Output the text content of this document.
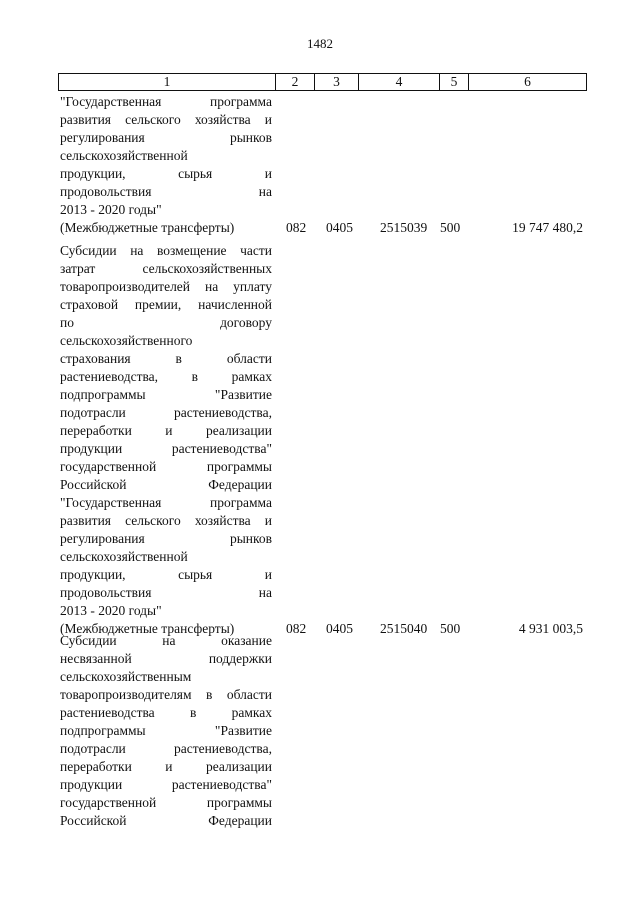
1482
1	2	3	4	5	6
"Государственная программа
развития сельского хозяйства и
регулирования рынков
сельскохозяйственной
продукции, сырья и
продовольствия на
2013 - 2020 годы"
(Межбюджетные трансферты)	082 0405 2515039 500	19 747 480,2
Субсидии на возмещение части
затрат сельскохозяйственных
товаропроизводителей на уплату
страховой премии, начисленной
по договору
сельскохозяйственного
страхования в области
растениеводства, в рамках
подпрограммы "Развитие
подотрасли растениеводства,
переработки и реализации
продукции растениеводства"
государственной программы
Российской Федерации
"Государственная программа
развития сельского хозяйства и
регулирования рынков
сельскохозяйственной
продукции, сырья и
продовольствия на
2013 - 2020 годы"
(Межбюджетные трансферты)	082 0405 2515040 500	4 931 003,5
Субсидии на оказание
несвязанной поддержки
сельскохозяйственным
товаропроизводителям в области
растениеводства в рамках
подпрограммы "Развитие
подотрасли растениеводства,
переработки и реализации
продукции растениеводства"
государственной программы
Российской Федерации
